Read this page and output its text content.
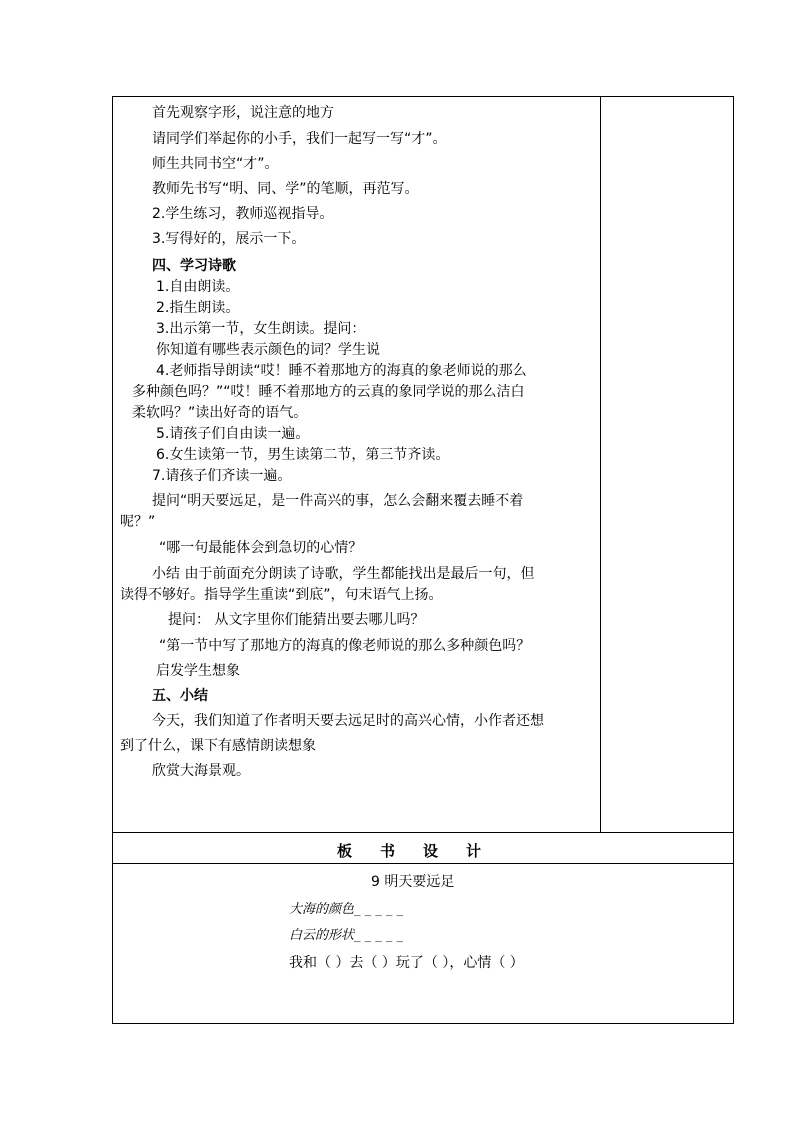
首先观察字形，说注意的地方
请同学们举起你的小手，我们一起写一写“才”。
师生共同书空“才”。
教师先书写“明、同、学”的笔顺，再范写。
2.学生练习，教师巡视指导。
3.写得好的，展示一下。
四、学习诗歌
1.自由朗读。
2.指生朗读。
3.出示第一节，女生朗读。提问：
你知道有哪些表示颜色的词？学生说
4.老师指导朗读“哎！睡不着那地方的海真的象老师说的那么
多种颜色吗？”“哎！睡不着那地方的云真的象同学说的那么洁白
柔软吗？”读出好奇的语气。
5.请孩子们自由读一遍。
6.女生读第一节，男生读第二节，第三节齐读。
7.请孩子们齐读一遍。
提问“明天要远足，是一件高兴的事，怎么会翻来覆去睡不着
呢？”
“哪一句最能体会到急切的心情？
小结 由于前面充分朗读了诗歌，学生都能找出是最后一句，但
读得不够好。指导学生重读“到底”，句末语气上扬。
提问： 从文字里你们能猜出要去哪儿吗？
“第一节中写了那地方的海真的像老师说的那么多种颜色吗？
启发学生想象
五、小结
今天，我们知道了作者明天要去远足时的高兴心情，小作者还想
到了什么，课下有感情朗读想象
欣赏大海景观。
板书设计
9 明天要远足
大海的颜色_ _ _ _ _
白云的形状_ _ _ _ _
我和（ ）去（ ）玩了（ ），心情（ ）
